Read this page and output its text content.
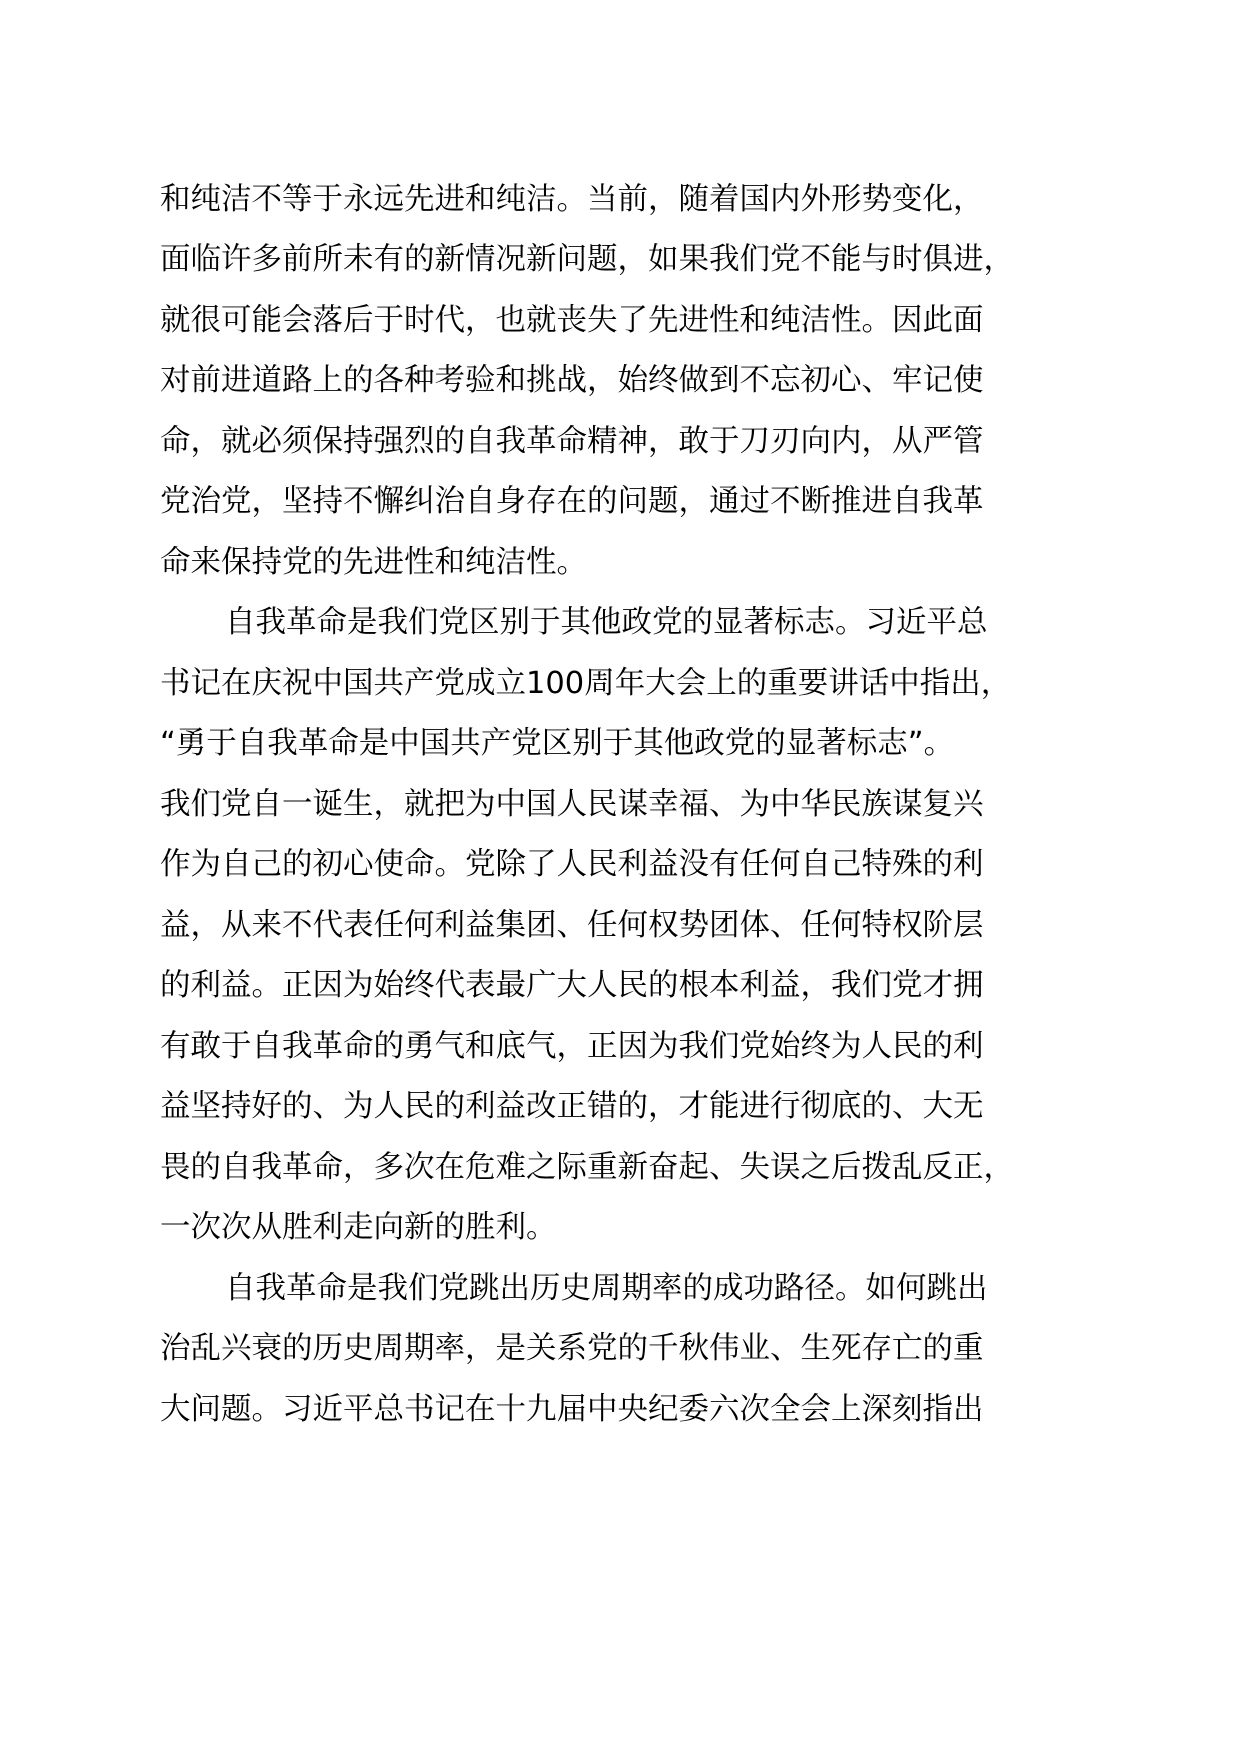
和纯洁不等于永远先进和纯洁。当前，随着国内外形势变化，
面临许多前所未有的新情况新问题，如果我们党不能与时俱进，
就很可能会落后于时代，也就丧失了先进性和纯洁性。因此面
对前进道路上的各种考验和挑战，始终做到不忘初心、牢记使
命，就必须保持强烈的自我革命精神，敢于刀刃向内，从严管
党治党，坚持不懈纠治自身存在的问题，通过不断推进自我革
命来保持党的先进性和纯洁性。
自我革命是我们党区别于其他政党的显著标志。习近平总
书记在庆祝中国共产党成立100周年大会上的重要讲话中指出，
“勇于自我革命是中国共产党区别于其他政党的显著标志”。
我们党自一诞生，就把为中国人民谋幸福、为中华民族谋复兴
作为自己的初心使命。党除了人民利益没有任何自己特殊的利
益，从来不代表任何利益集团、任何权势团体、任何特权阶层
的利益。正因为始终代表最广大人民的根本利益，我们党才拥
有敢于自我革命的勇气和底气，正因为我们党始终为人民的利
益坚持好的、为人民的利益改正错的，才能进行彻底的、大无
畏的自我革命，多次在危难之际重新奋起、失误之后拨乱反正，
一次次从胜利走向新的胜利。
自我革命是我们党跳出历史周期率的成功路径。如何跳出
治乱兴衰的历史周期率，是关系党的千秋伟业、生死存亡的重
大问题。习近平总书记在十九届中央纪委六次全会上深刻指出
